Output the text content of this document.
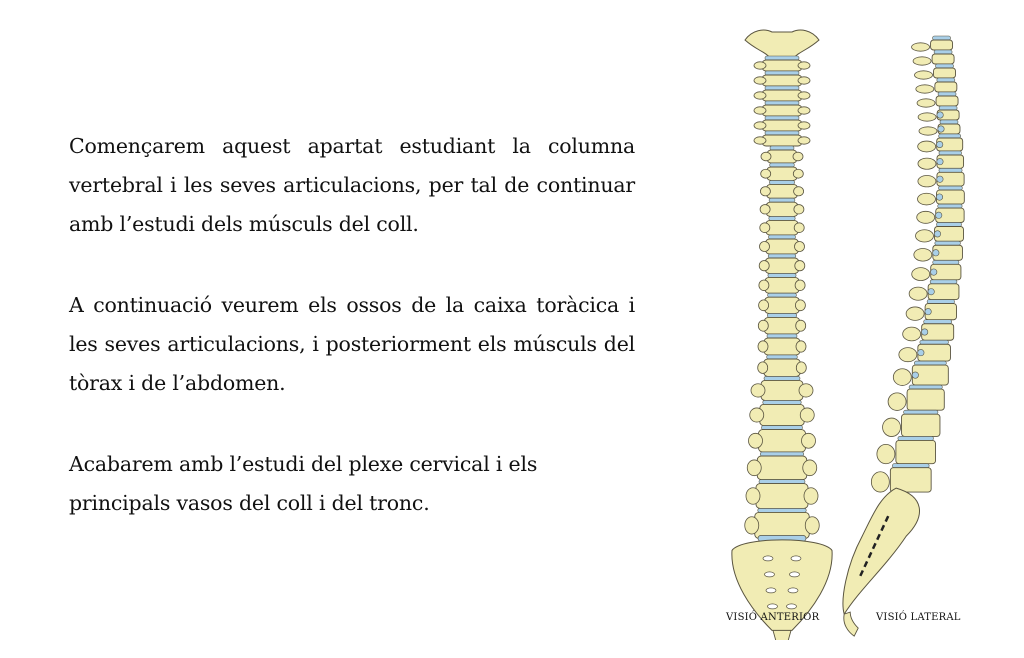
Començarem aquest apartat estudiant la columna vertebral i les seves articulacions, per tal de continuar amb l’estudi dels músculs del coll.

A continuació veurem els ossos de la caixa toràcica i les seves articulacions, i posteriorment els músculs del tòrax i de l’abdomen.

Acabarem amb l’estudi del plexe cervical i els principals vasos del coll i del tronc.

VISIÓ ANTERIOR	VISIÓ LATERAL
